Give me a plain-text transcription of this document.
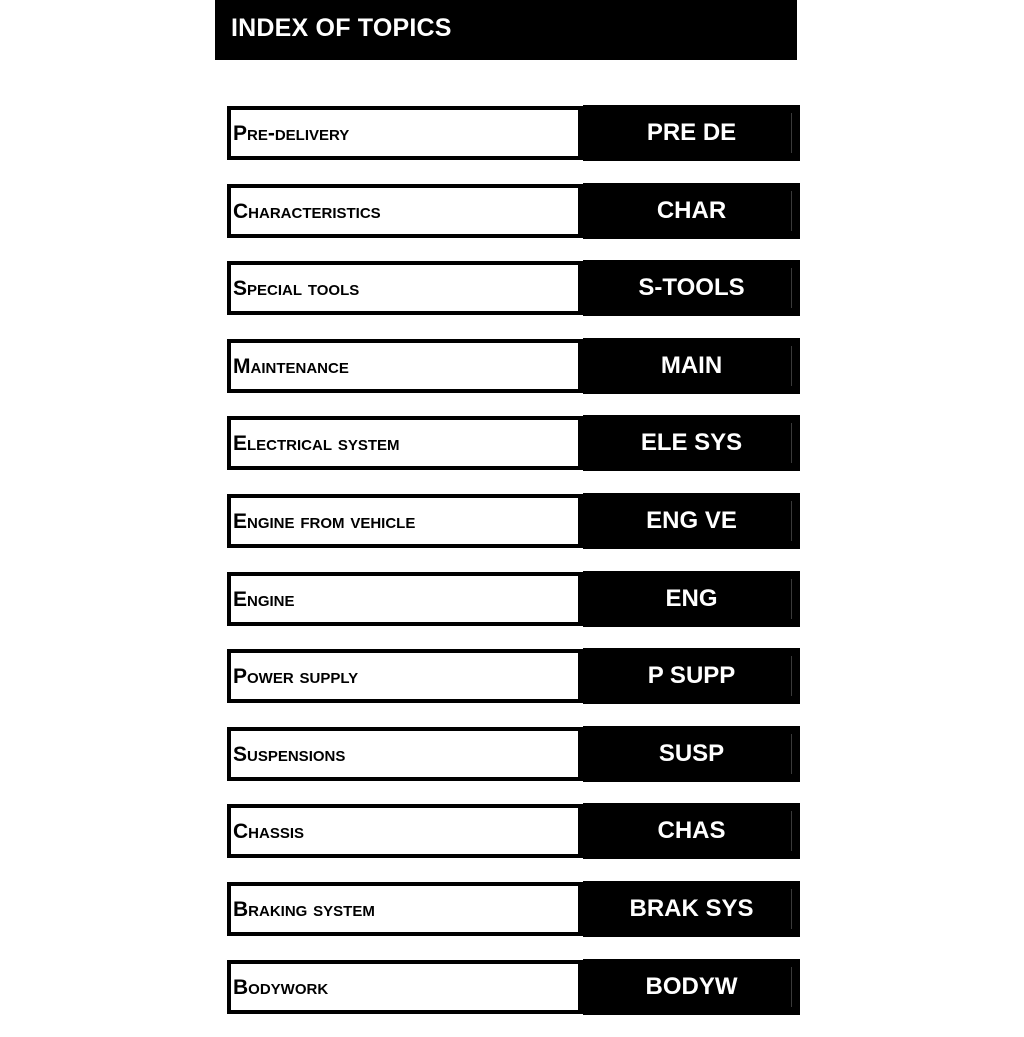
INDEX OF TOPICS
Pre-delivery	PRE DE
Characteristics	CHAR
Special tools	S-TOOLS
Maintenance	MAIN
Electrical system	ELE SYS
Engine from vehicle	ENG VE
Engine	ENG
Power supply	P SUPP
Suspensions	SUSP
Chassis	CHAS
Braking system	BRAK SYS
Bodywork	BODYW
